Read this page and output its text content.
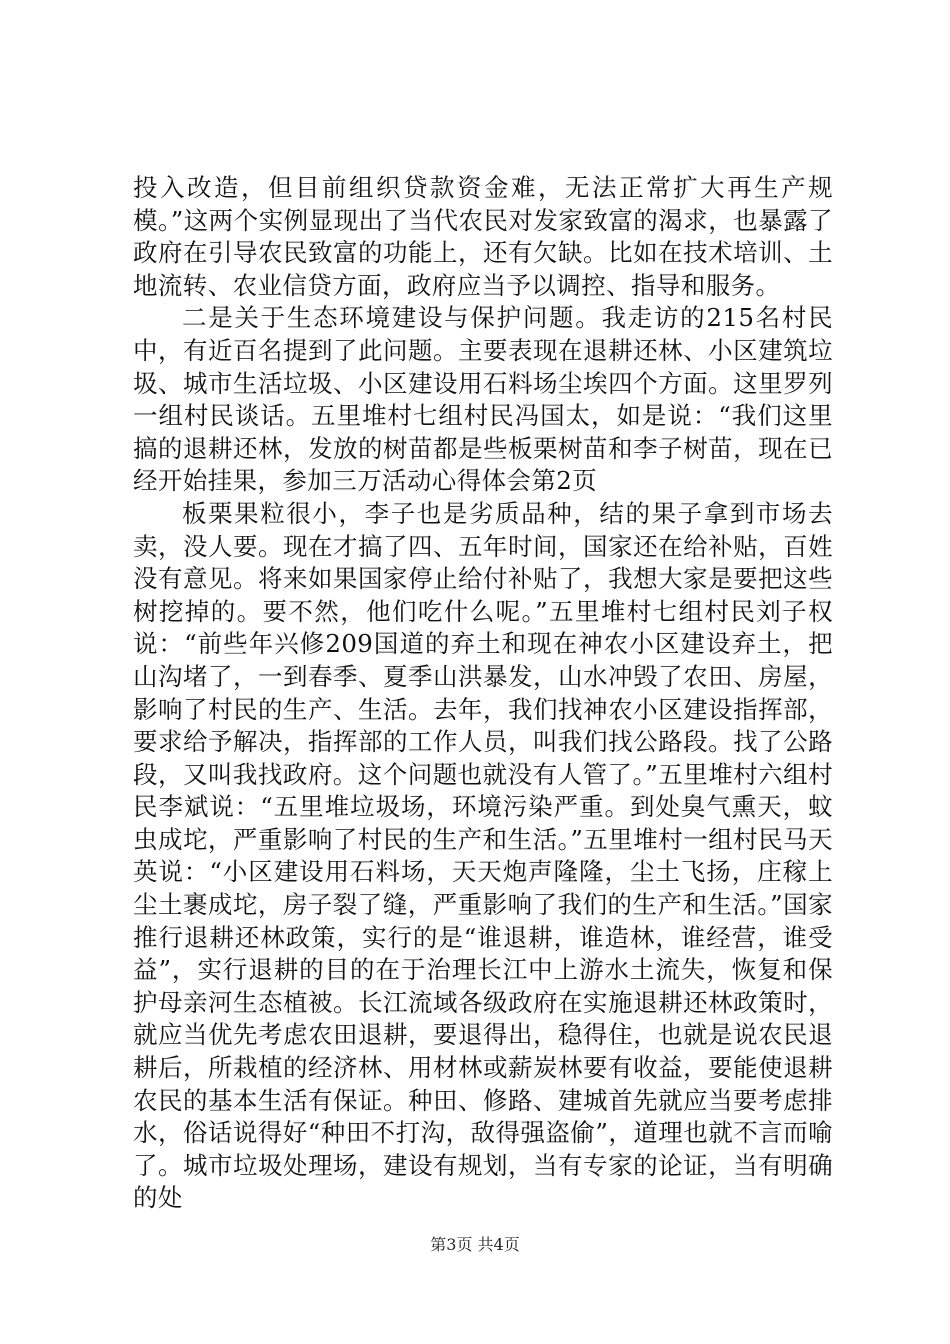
投入改造，但目前组织贷款资金难，无法正常扩大再生产规模。”这两个实例显现出了当代农民对发家致富的渴求，也暴露了政府在引导农民致富的功能上，还有欠缺。比如在技术培训、土地流转、农业信贷方面，政府应当予以调控、指导和服务。

二是关于生态环境建设与保护问题。我走访的215名村民中，有近百名提到了此问题。主要表现在退耕还林、小区建筑垃圾、城市生活垃圾、小区建设用石料场尘埃四个方面。这里罗列一组村民谈话。五里堆村七组村民冯国太，如是说：“我们这里搞的退耕还林，发放的树苗都是些板栗树苗和李子树苗，现在已经开始挂果，参加三万活动心得体会第2页

板栗果粒很小，李子也是劣质品种，结的果子拿到市场去卖，没人要。现在才搞了四、五年时间，国家还在给补贴，百姓没有意见。将来如果国家停止给付补贴了，我想大家是要把这些树挖掉的。要不然，他们吃什么呢。”五里堆村七组村民刘子权说：“前些年兴修209国道的弃土和现在神农小区建设弃土，把山沟堵了，一到春季、夏季山洪暴发，山水冲毁了农田、房屋，影响了村民的生产、生活。去年，我们找神农小区建设指挥部，要求给予解决，指挥部的工作人员，叫我们找公路段。找了公路段，又叫我找政府。这个问题也就没有人管了。”五里堆村六组村民李斌说：“五里堆垃圾场，环境污染严重。到处臭气熏天，蚊虫成坨，严重影响了村民的生产和生活。”五里堆村一组村民马天英说：“小区建设用石料场，天天炮声隆隆，尘土飞扬，庄稼上尘土裹成坨，房子裂了缝，严重影响了我们的生产和生活。”国家推行退耕还林政策，实行的是“谁退耕，谁造林，谁经营，谁受益”，实行退耕的目的在于治理长江中上游水土流失，恢复和保护母亲河生态植被。长江流域各级政府在实施退耕还林政策时，就应当优先考虑农田退耕，要退得出，稳得住，也就是说农民退耕后，所栽植的经济林、用材林或薪炭林要有收益，要能使退耕农民的基本生活有保证。种田、修路、建城首先就应当要考虑排水，俗话说得好“种田不打沟，敌得强盗偷”，道理也就不言而喻了。城市垃圾处理场，建设有规划，当有专家的论证，当有明确的处

第3页 共4页
